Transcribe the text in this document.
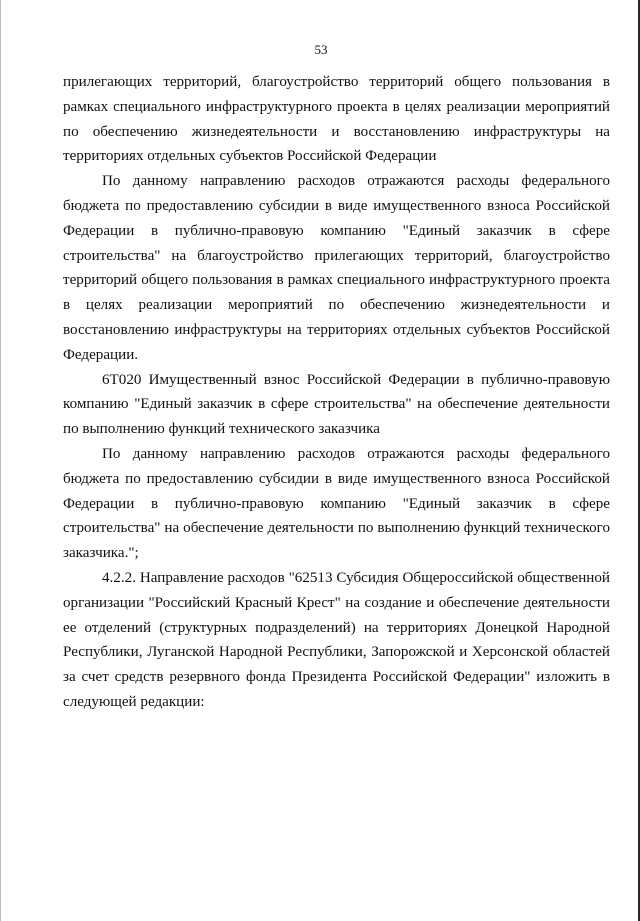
53

прилегающих территорий, благоустройство территорий общего пользования в рамках специального инфраструктурного проекта в целях реализации мероприятий по обеспечению жизнедеятельности и восстановлению инфраструктуры на территориях отдельных субъектов Российской Федерации

По данному направлению расходов отражаются расходы федерального бюджета по предоставлению субсидии в виде имущественного взноса Российской Федерации в публично-правовую компанию "Единый заказчик в сфере строительства" на благоустройство прилегающих территорий, благоустройство территорий общего пользования в рамках специального инфраструктурного проекта в целях реализации мероприятий по обеспечению жизнедеятельности и восстановлению инфраструктуры на территориях отдельных субъектов Российской Федерации.

6Т020 Имущественный взнос Российской Федерации в публично-правовую компанию "Единый заказчик в сфере строительства" на обеспечение деятельности по выполнению функций технического заказчика

По данному направлению расходов отражаются расходы федерального бюджета по предоставлению субсидии в виде имущественного взноса Российской Федерации в публично-правовую компанию "Единый заказчик в сфере строительства" на обеспечение деятельности по выполнению функций технического заказчика.";

4.2.2. Направление расходов "62513 Субсидия Общероссийской общественной организации "Российский Красный Крест" на создание и обеспечение деятельности ее отделений (структурных подразделений) на территориях Донецкой Народной Республики, Луганской Народной Республики, Запорожской и Херсонской областей за счет средств резервного фонда Президента Российской Федерации" изложить в следующей редакции:
